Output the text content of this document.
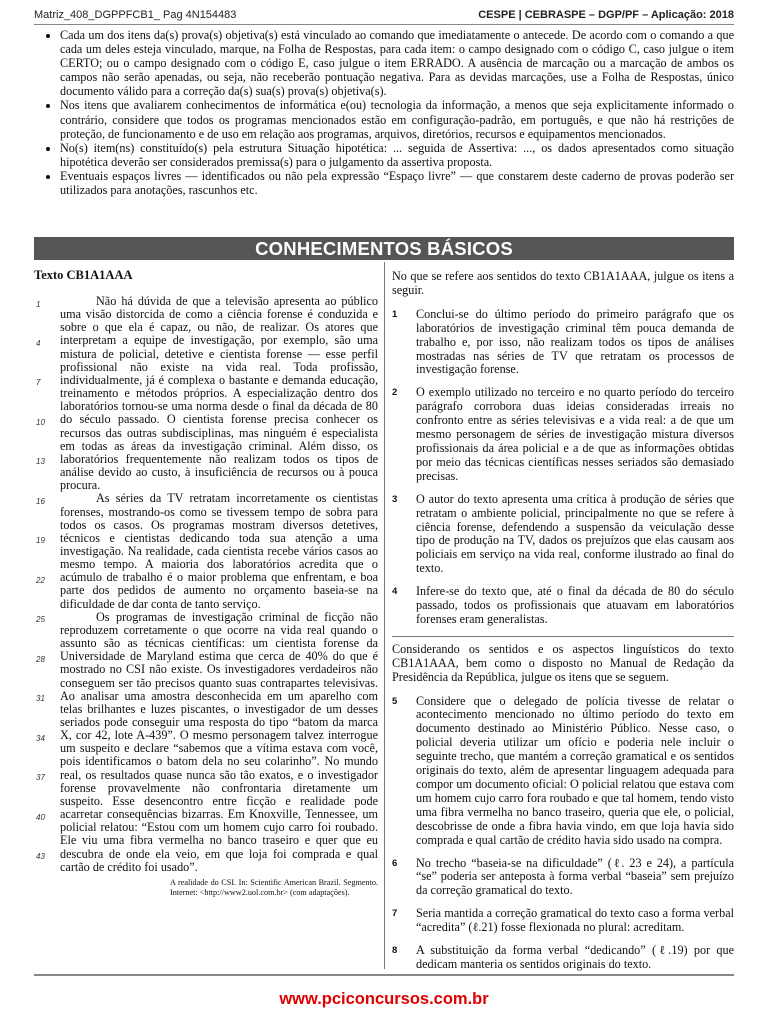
Matriz_408_DGPPFCB1_ Pag 4N154483	CESPE | CEBRASPE – DGP/PF – Aplicação: 2018
• Cada um dos itens da(s) prova(s) objetiva(s) está vinculado ao comando que imediatamente o antecede. De acordo com o comando a que cada um deles esteja vinculado, marque, na Folha de Respostas, para cada item: o campo designado com o código C, caso julgue o item CERTO; ou o campo designado com o código E, caso julgue o item ERRADO. A ausência de marcação ou a marcação de ambos os campos não serão apenadas, ou seja, não receberão pontuação negativa. Para as devidas marcações, use a Folha de Respostas, único documento válido para a correção da(s) sua(s) prova(s) objetiva(s).
• Nos itens que avaliarem conhecimentos de informática e(ou) tecnologia da informação, a menos que seja explicitamente informado o contrário, considere que todos os programas mencionados estão em configuração-padrão, em português, e que não há restrições de proteção, de funcionamento e de uso em relação aos programas, arquivos, diretórios, recursos e equipamentos mencionados.
• No(s) item(ns) constituído(s) pela estrutura Situação hipotética: ... seguida de Assertiva: ..., os dados apresentados como situação hipotética deverão ser considerados premissa(s) para o julgamento da assertiva proposta.
• Eventuais espaços livres — identificados ou não pela expressão “Espaço livre” — que constarem deste caderno de provas poderão ser utilizados para anotações, rascunhos etc.
CONHECIMENTOS BÁSICOS
Texto CB1A1AAA
1
4
7
10
13
16
19
22
25
28
31
34
37
40
43

Não há dúvida de que a televisão apresenta ao público uma visão distorcida de como a ciência forense é conduzida e sobre o que ela é capaz, ou não, de realizar. Os atores que interpretam a equipe de investigação, por exemplo, são uma mistura de policial, detetive e cientista forense — esse perfil profissional não existe na vida real. Toda profissão, individualmente, já é complexa o bastante e demanda educação, treinamento e métodos próprios. A especialização dentro dos laboratórios tornou-se uma norma desde o final da década de 80 do século passado. O cientista forense precisa conhecer os recursos das outras subdisciplinas, mas ninguém é especialista em todas as áreas da investigação criminal. Além disso, os laboratórios frequentemente não realizam todos os tipos de análise devido ao custo, à insuficiência de recursos ou à pouca procura.

As séries da TV retratam incorretamente os cientistas forenses, mostrando-os como se tivessem tempo de sobra para todos os casos. Os programas mostram diversos detetives, técnicos e cientistas dedicando toda sua atenção a uma investigação. Na realidade, cada cientista recebe vários casos ao mesmo tempo. A maioria dos laboratórios acredita que o acúmulo de trabalho é o maior problema que enfrentam, e boa parte dos pedidos de aumento no orçamento baseia-se na dificuldade de dar conta de tanto serviço.

Os programas de investigação criminal de ficção não reproduzem corretamente o que ocorre na vida real quando o assunto são as técnicas científicas: um cientista forense da Universidade de Maryland estima que cerca de 40% do que é mostrado no CSI não existe. Os investigadores verdadeiros não conseguem ser tão precisos quanto suas contrapartes televisivas. Ao analisar uma amostra desconhecida em um aparelho com telas brilhantes e luzes piscantes, o investigador de um desses seriados pode conseguir uma resposta do tipo “batom da marca X, cor 42, lote A-439”. O mesmo personagem talvez interrogue um suspeito e declare “sabemos que a vítima estava com você, pois identificamos o batom dela no seu colarinho”. No mundo real, os resultados quase nunca são tão exatos, e o investigador forense provavelmente não confrontaria diretamente um suspeito. Esse desencontro entre ficção e realidade pode acarretar consequências bizarras. Em Knoxville, Tennessee, um policial relatou: “Estou com um homem cujo carro foi roubado. Ele viu uma fibra vermelha no banco traseiro e quer que eu descubra de onde ela veio, em que loja foi comprada e qual cartão de crédito foi usado”.

A realidade do CSI. In: Scientific American Brazil. Segmento. Internet: <http://www2.uol.com.br> (com adaptações).
No que se refere aos sentidos do texto CB1A1AAA, julgue os itens a seguir.
1 Conclui-se do último período do primeiro parágrafo que os laboratórios de investigação criminal têm pouca demanda de trabalho e, por isso, não realizam todos os tipos de análises mostradas nas séries de TV que retratam os processos de investigação forense.
2 O exemplo utilizado no terceiro e no quarto período do terceiro parágrafo corrobora duas ideias consideradas irreais no confronto entre as séries televisivas e a vida real: a de que um mesmo personagem de séries de investigação mistura diversos profissionais da área policial e a de que as informações obtidas por meio das técnicas científicas nesses seriados são demasiado precisas.
3 O autor do texto apresenta uma crítica à produção de séries que retratam o ambiente policial, principalmente no que se refere à ciência forense, defendendo a suspensão da veiculação desse tipo de produção na TV, dados os prejuízos que elas causam aos policiais em serviço na vida real, conforme ilustrado ao final do texto.
4 Infere-se do texto que, até o final da década de 80 do século passado, todos os profissionais que atuavam em laboratórios forenses eram generalistas.
Considerando os sentidos e os aspectos linguísticos do texto CB1A1AAA, bem como o disposto no Manual de Redação da Presidência da República, julgue os itens que se seguem.
5 Considere que o delegado de polícia tivesse de relatar o acontecimento mencionado no último período do texto em documento destinado ao Ministério Público. Nesse caso, o policial deveria utilizar um ofício e poderia nele incluir o seguinte trecho, que mantém a correção gramatical e os sentidos originais do texto, além de apresentar linguagem adequada para compor um documento oficial: O policial relatou que estava com um homem cujo carro fora roubado e que tal homem, tendo visto uma fibra vermelha no banco traseiro, queria que ele, o policial, descobrisse de onde a fibra havia vindo, em que loja havia sido comprada e qual cartão de crédito havia sido usado na compra.
6 No trecho “baseia-se na dificuldade” (ℓ. 23 e 24), a partícula “se” poderia ser anteposta à forma verbal “baseia” sem prejuízo da correção gramatical do texto.
7 Seria mantida a correção gramatical do texto caso a forma verbal “acredita” (ℓ.21) fosse flexionada no plural: acreditam.
8 A substituição da forma verbal “dedicando” (ℓ.19) por que dedicam manteria os sentidos originais do texto.
www.pciconcursos.com.br
